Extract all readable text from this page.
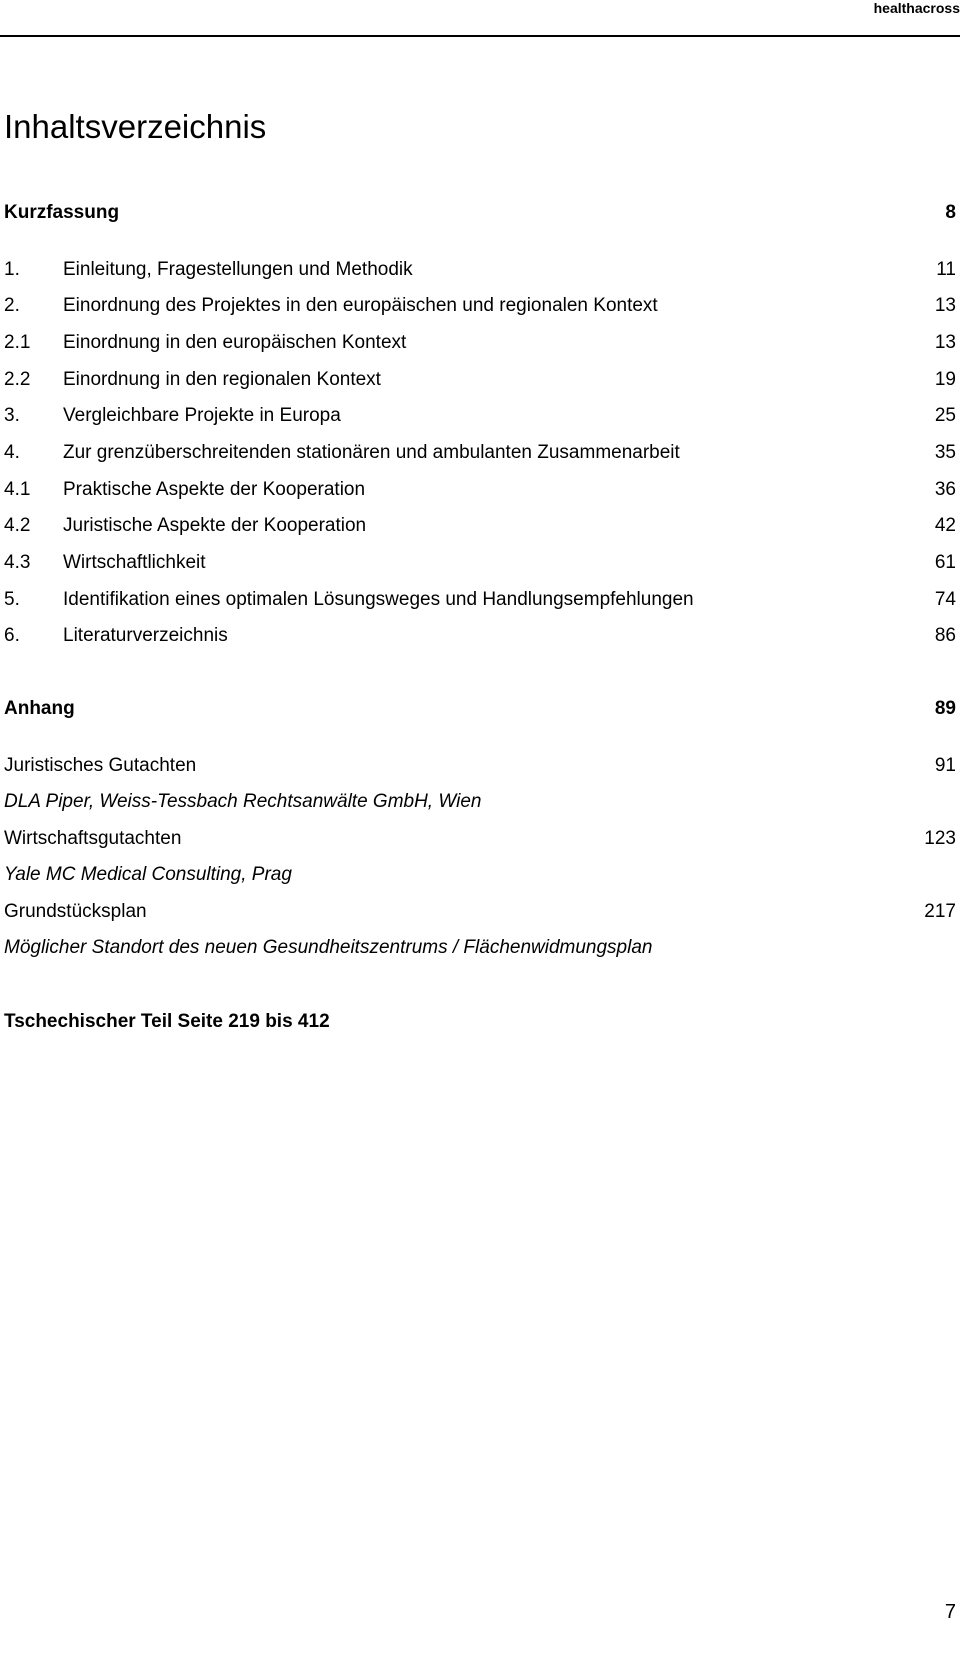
healthacross
Inhaltsverzeichnis
Kurzfassung	8
1. Einleitung, Fragestellungen und Methodik	11
2. Einordnung des Projektes in den europäischen und regionalen Kontext	13
2.1 Einordnung in den europäischen Kontext	13
2.2 Einordnung in den regionalen Kontext	19
3. Vergleichbare Projekte in Europa	25
4. Zur grenzüberschreitenden stationären und ambulanten Zusammenarbeit	35
4.1 Praktische Aspekte der Kooperation	36
4.2 Juristische Aspekte der Kooperation	42
4.3 Wirtschaftlichkeit	61
5. Identifikation eines optimalen Lösungsweges und Handlungsempfehlungen	74
6. Literaturverzeichnis	86
Anhang	89
Juristisches Gutachten	91
DLA Piper, Weiss-Tessbach Rechtsanwälte GmbH, Wien
Wirtschaftsgutachten	123
Yale MC Medical Consulting, Prag
Grundstücksplan	217
Möglicher Standort des neuen Gesundheitszentrums / Flächenwidmungsplan
Tschechischer Teil Seite 219 bis 412
7
